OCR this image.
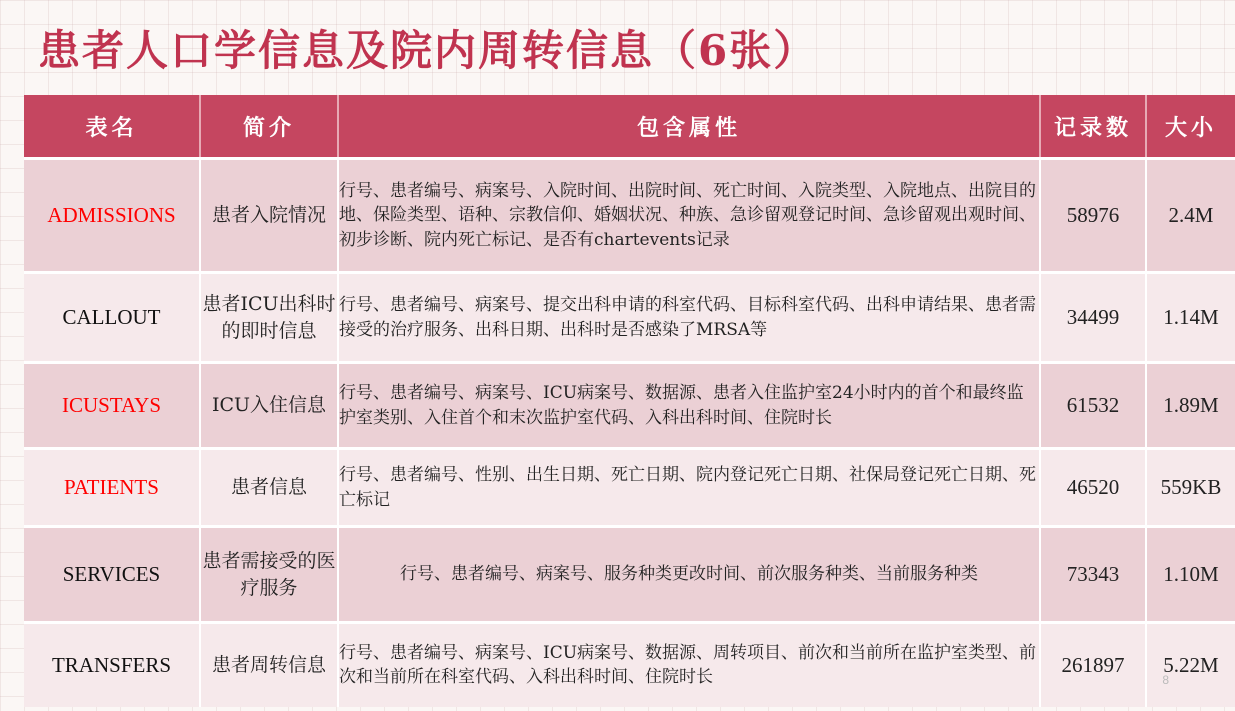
患者人口学信息及院内周转信息（6张）
表名	简介	包含属性	记录数	大小
ADMISSIONS	患者入院情况	行号、患者编号、病案号、入院时间、出院时间、死亡时间、入院类型、入院地点、出院目的地、保险类型、语种、宗教信仰、婚姻状况、种族、急诊留观登记时间、急诊留观出观时间、初步诊断、院内死亡标记、是否有chartevents记录	58976	2.4M
CALLOUT	患者ICU出科时的即时信息	行号、患者编号、病案号、提交出科申请的科室代码、目标科室代码、出科申请结果、患者需接受的治疗服务、出科日期、出科时是否感染了MRSA等	34499	1.14M
ICUSTAYS	ICU入住信息	行号、患者编号、病案号、ICU病案号、数据源、患者入住监护室24小时内的首个和最终监护室类别、入住首个和末次监护室代码、入科出科时间、住院时长	61532	1.89M
PATIENTS	患者信息	行号、患者编号、性别、出生日期、死亡日期、院内登记死亡日期、社保局登记死亡日期、死亡标记	46520	559KB
SERVICES	患者需接受的医疗服务	行号、患者编号、病案号、服务种类更改时间、前次服务种类、当前服务种类	73343	1.10M
TRANSFERS	患者周转信息	行号、患者编号、病案号、ICU病案号、数据源、周转项目、前次和当前所在监护室类型、前次和当前所在科室代码、入科出科时间、住院时长	261897	5.22M
8
